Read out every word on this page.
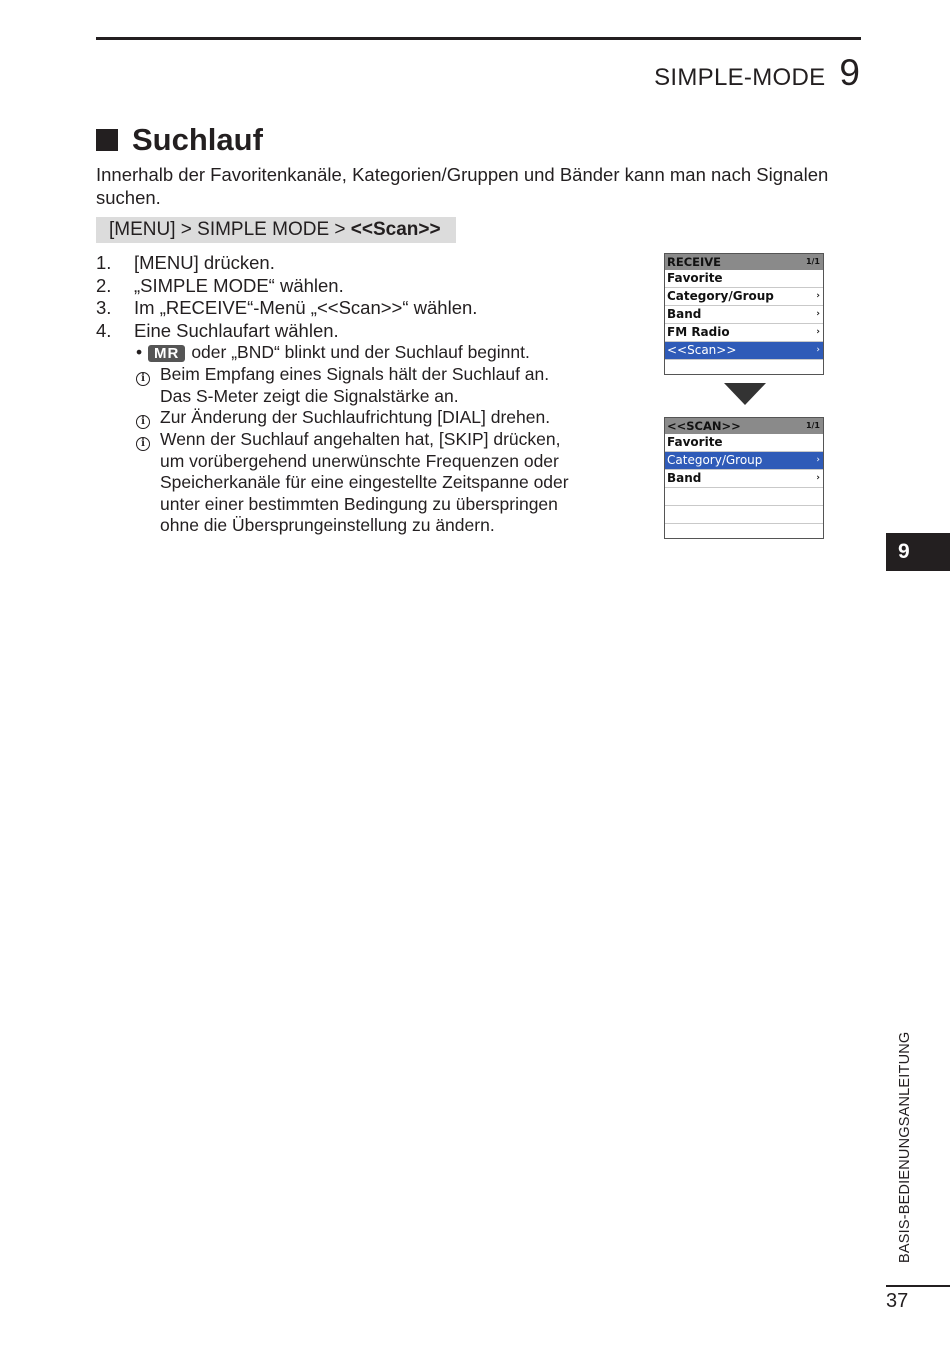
SIMPLE-MODE 9
Suchlauf

Innerhalb der Favoritenkanäle, Kategorien/Gruppen und Bänder kann man nach Signalen suchen.

[MENU] > SIMPLE MODE > <<Scan>>
1.	[MENU] drücken.
2.	„SIMPLE MODE“ wählen.
3.	Im „RECEIVE“-Menü „<<Scan>>“ wählen.
4.	Eine Suchlaufart wählen.
• MR oder „BND“ blinkt und der Suchlauf beginnt.
i Beim Empfang eines Signals hält der Suchlauf an.
Das S-Meter zeigt die Signalstärke an.
i Zur Änderung der Suchlaufrichtung [DIAL] drehen.
i Wenn der Suchlauf angehalten hat, [SKIP] drücken,
um vorübergehend unerwünschte Frequenzen oder
Speicherkanäle für eine eingestellte Zeitspanne oder
unter einer bestimmten Bedingung zu überspringen
ohne die Übersprungeinstellung zu ändern.
RECEIVE	1/1
Favorite
Category/Group	›
Band	›
FM Radio	›
<<Scan>>	›
<<SCAN>>	1/1
Favorite
Category/Group	›
Band	›
9
BASIS-BEDIENUNGSANLEITUNG
37
